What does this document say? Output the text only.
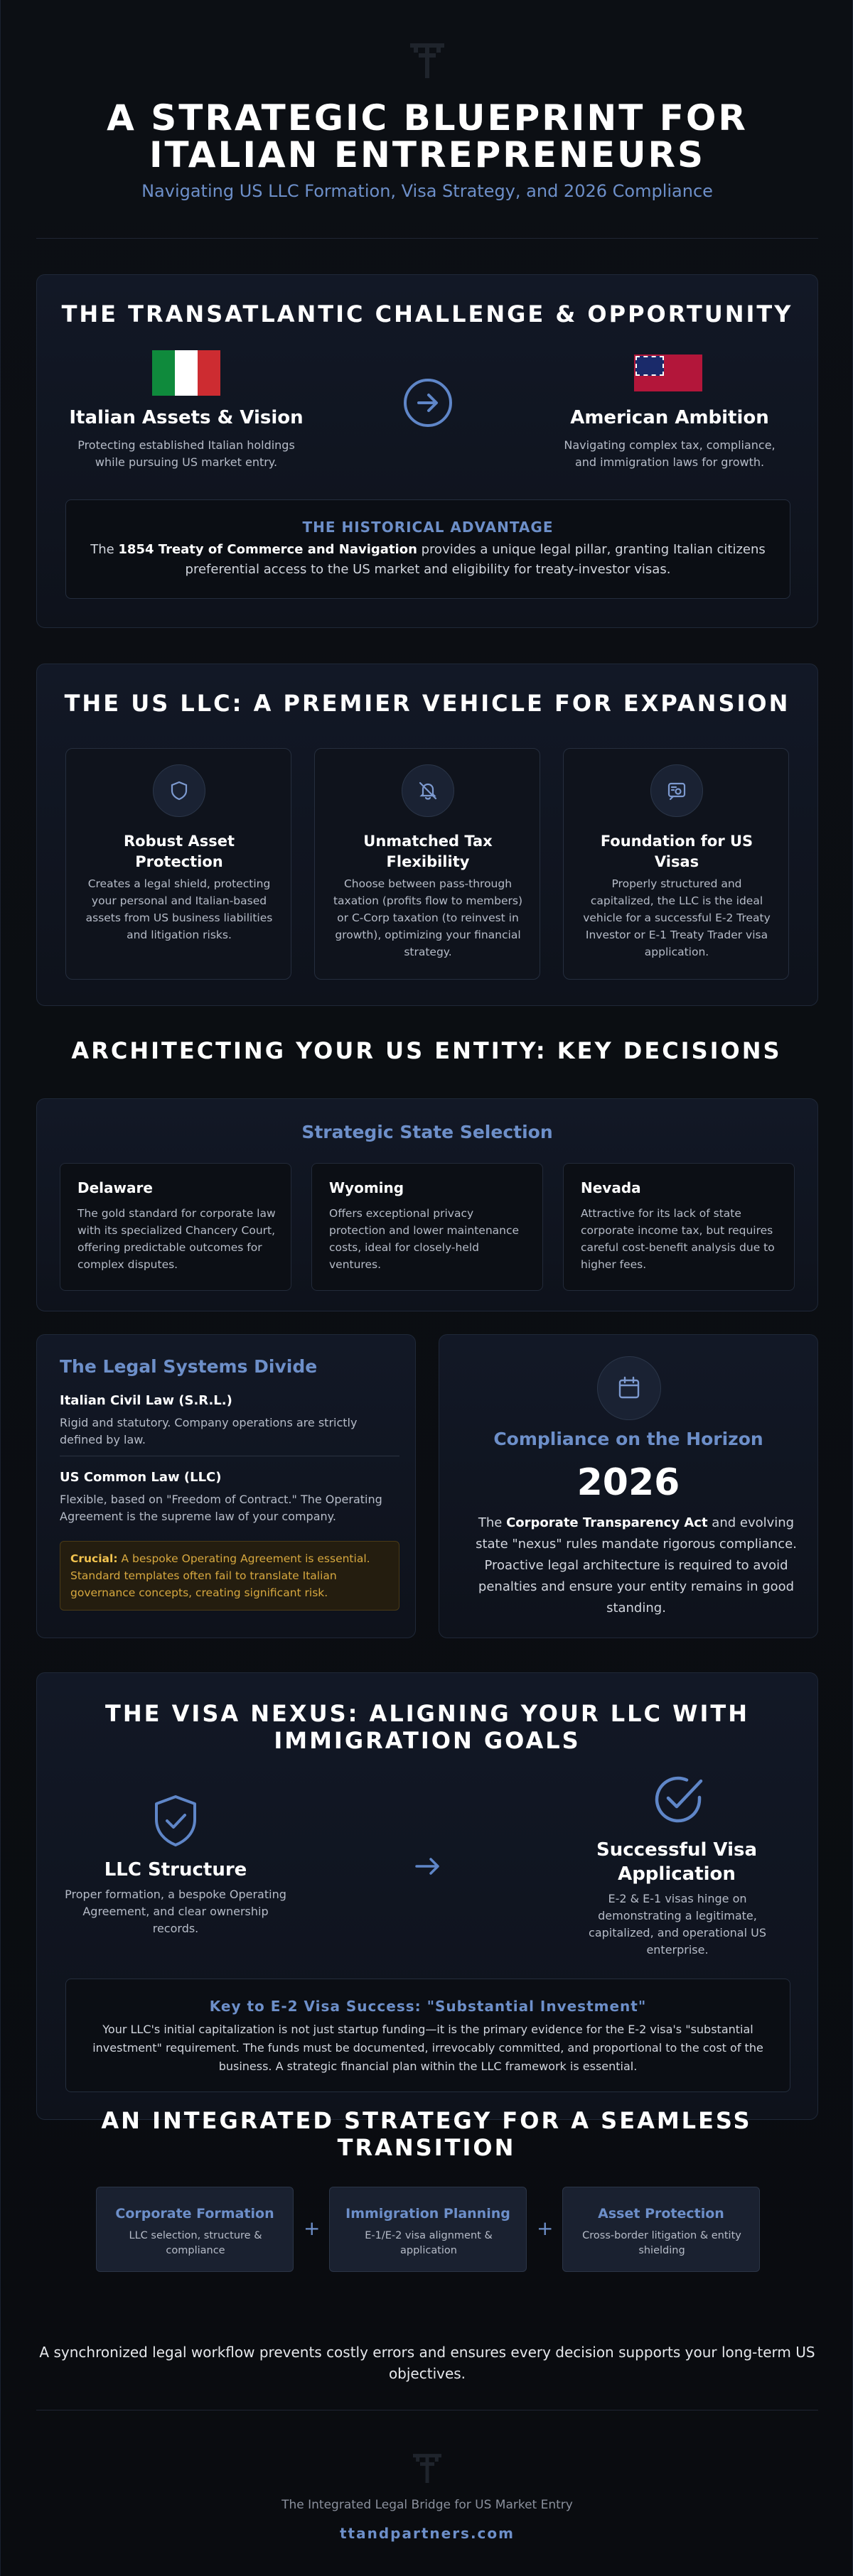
A STRATEGIC BLUEPRINT FOR ITALIAN ENTREPRENEURS
Navigating US LLC Formation, Visa Strategy, and 2026 Compliance
THE TRANSATLANTIC CHALLENGE & OPPORTUNITY
Italian Assets & Vision
Protecting established Italian holdings
while pursuing US market entry.
American Ambition
Navigating complex tax, compliance,
and immigration laws for growth.
THE HISTORICAL ADVANTAGE
The 1854 Treaty of Commerce and Navigation provides a unique legal pillar, granting Italian citizens preferential access to the US market and eligibility for treaty-investor visas.
THE US LLC: A PREMIER VEHICLE FOR EXPANSION
Robust Asset Protection
Creates a legal shield, protecting your personal and Italian-based assets from US business liabilities and litigation risks.
Unmatched Tax Flexibility
Choose between pass-through taxation (profits flow to members) or C-Corp taxation (to reinvest in growth), optimizing your financial strategy.
Foundation for US Visas
Properly structured and capitalized, the LLC is the ideal vehicle for a successful E-2 Treaty Investor or E-1 Treaty Trader visa application.
ARCHITECTING YOUR US ENTITY: KEY DECISIONS
Strategic State Selection
Delaware
The gold standard for corporate law with its specialized Chancery Court, offering predictable outcomes for complex disputes.
Wyoming
Offers exceptional privacy protection and lower maintenance costs, ideal for closely-held ventures.
Nevada
Attractive for its lack of state corporate income tax, but requires careful cost-benefit analysis due to higher fees.
The Legal Systems Divide
Italian Civil Law (S.R.L.)
Rigid and statutory. Company operations are strictly defined by law.
US Common Law (LLC)
Flexible, based on "Freedom of Contract." The Operating Agreement is the supreme law of your company.
Crucial: A bespoke Operating Agreement is essential. Standard templates often fail to translate Italian governance concepts, creating significant risk.
Compliance on the Horizon
2026
The Corporate Transparency Act and evolving state "nexus" rules mandate rigorous compliance. Proactive legal architecture is required to avoid penalties and ensure your entity remains in good standing.
THE VISA NEXUS: ALIGNING YOUR LLC WITH
IMMIGRATION GOALS
LLC Structure
Proper formation, a bespoke Operating Agreement, and clear ownership records.
Successful Visa Application
E-2 & E-1 visas hinge on demonstrating a legitimate, capitalized, and operational US enterprise.
Key to E-2 Visa Success: "Substantial Investment"
Your LLC's initial capitalization is not just startup funding—it is the primary evidence for the E-2 visa's "substantial investment" requirement. The funds must be documented, irrevocably committed, and proportional to the cost of the business. A strategic financial plan within the LLC framework is essential.
AN INTEGRATED STRATEGY FOR A SEAMLESS
TRANSITION
Corporate Formation
LLC selection, structure & compliance
+
Immigration Planning
E-1/E-2 visa alignment & application
+
Asset Protection
Cross-border litigation & entity shielding
A synchronized legal workflow prevents costly errors and ensures every decision supports your long-term US objectives.
The Integrated Legal Bridge for US Market Entry
ttandpartners.com
